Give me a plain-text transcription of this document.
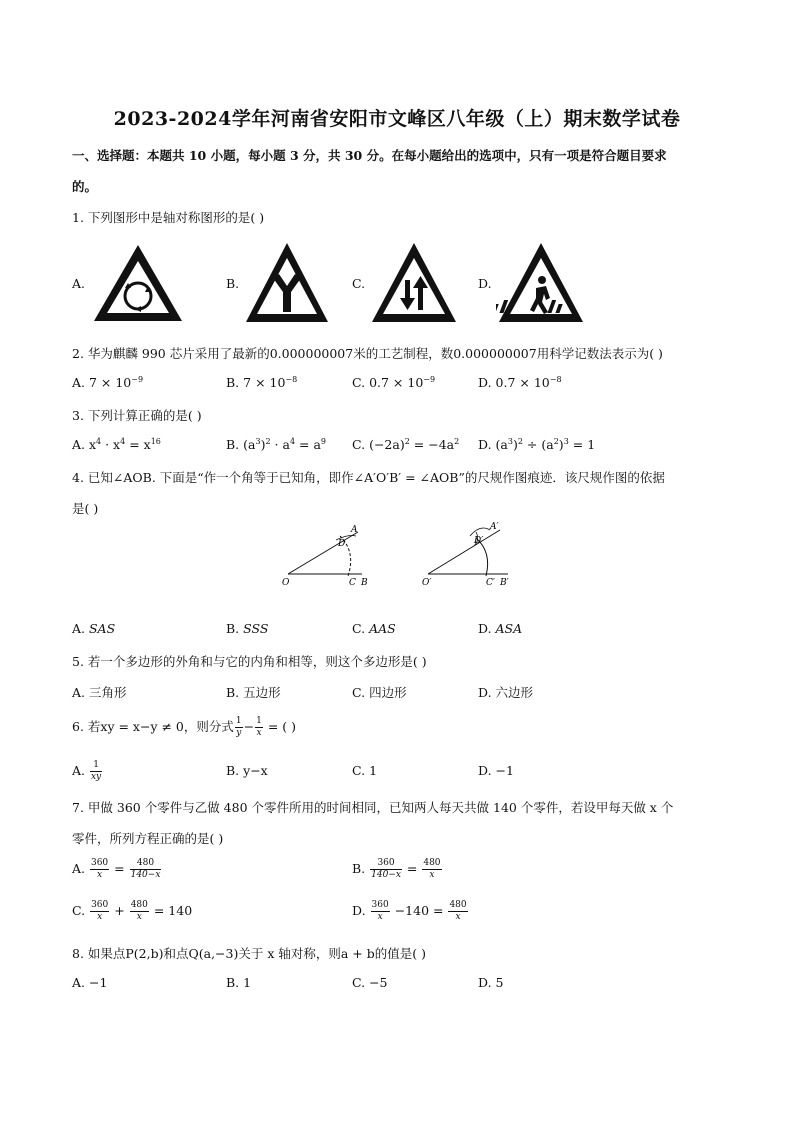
2023-2024学年河南省安阳市文峰区八年级（上）期末数学试卷
一、选择题：本题共 10 小题，每小题 3 分，共 30 分。在每小题给出的选项中，只有一项是符合题目要求
的。
1. 下列图形中是轴对称图形的是( )
A.	B.	C.	D.
2. 华为麒麟 990 芯片采用了最新的0.000000007米的工艺制程，数0.000000007用科学记数法表示为( )
A. $7 \times 10^{-9}$	B. $7 \times 10^{-8}$	C. $0.7 \times 10^{-9}$	D. $0.7 \times 10^{-8}$
3. 下列计算正确的是( )
A. $x^4 \cdot x^4 = x^{16}$	B. $(a^3)^2 \cdot a^4 = a^9$ C. $(-2a)^2 = -4a^2$ D. $(a^3)^2 \div (a^2)^3 = 1$
4. 已知∠AOB. 下面是“作一个角等于已知角，即作∠A′O′B′ = ∠AOB”的尺规作图痕迹．该尺规作图的依据
是( )
O
A
D
C B	O′
A′
D′
C′ B′
A. SAS	B. SSS	C. AAS	D. ASA
5. 若一个多边形的外角和与它的内角和相等，则这个多边形是( )
A. 三角形	B. 五边形	C. 四边形	D. 六边形
6. 若xy = x−y ≠ 0，则分式 $\frac{1}{y} - \frac{1}{x}$ = ( )
A. $\frac{1}{xy}$	B. y−x	C. 1	D. −1
7. 甲做 360 个零件与乙做 480 个零件所用的时间相同，已知两人每天共做 140 个零件，若设甲每天做 x 个
零件，所列方程正确的是( )
A. $\frac{360}{x} = \frac{480}{140-x}$	B. $\frac{360}{140-x} = \frac{480}{x}$
C. $\frac{360}{x} + \frac{480}{x} = 140$	D. $\frac{360}{x} -140 = \frac{480}{x}$
8. 如果点P(2,b)和点Q(a,−3)关于 x 轴对称，则a + b的值是( )
A. −1	B. 1	C. −5	D. 5
